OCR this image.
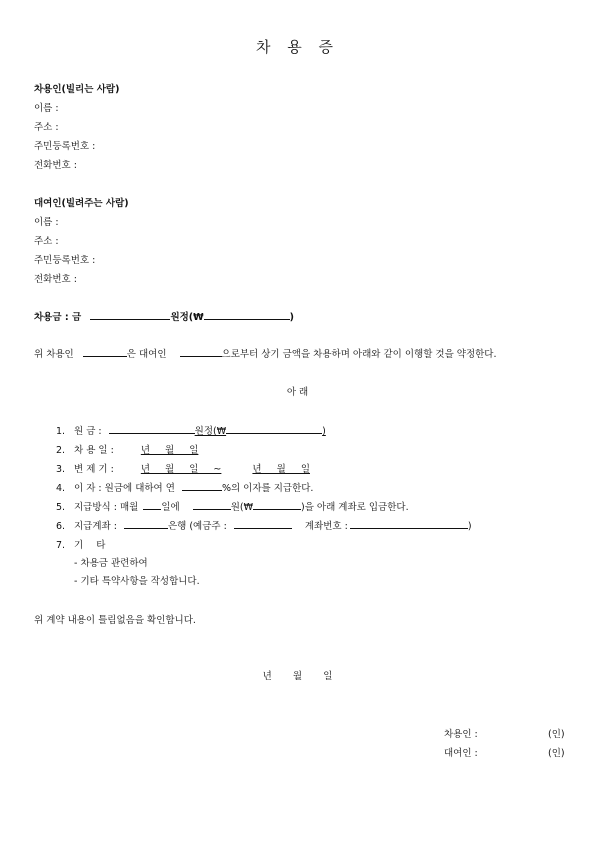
차 용 증
차용인(빌리는 사람)
이름 :
주소 :
주민등록번호 :
전화번호 :
대여인(빌려주는 사람)
이름 :
주소 :
주민등록번호 :
전화번호 :
차용금 : 금	원정(₩	)
위 차용인	은 대여인	으로부터 상기 금액을 차용하며 아래와 같이 이행할 것을 약정한다.
아 래
1. 원 금 :	원정(₩	)
2. 차 용 일 :	년 월 일
3. 변 제 기 :	년 월 일 ~	년 월 일
4. 이 자 : 원금에 대하여 연	%의 이자를 지급한다.
5. 지급방식 : 매월 일에	원(₩	)을 아래 계좌로 입금한다.
6. 지급계좌 :	은행 (예금주 :	계좌번호 :	)
7. 기 타
- 차용금 관련하여
- 기타 특약사항을 작성합니다.
위 계약 내용이 틀림없음을 확인합니다.
년       월       일
차용인 :	(인)
대여인 :	(인)
